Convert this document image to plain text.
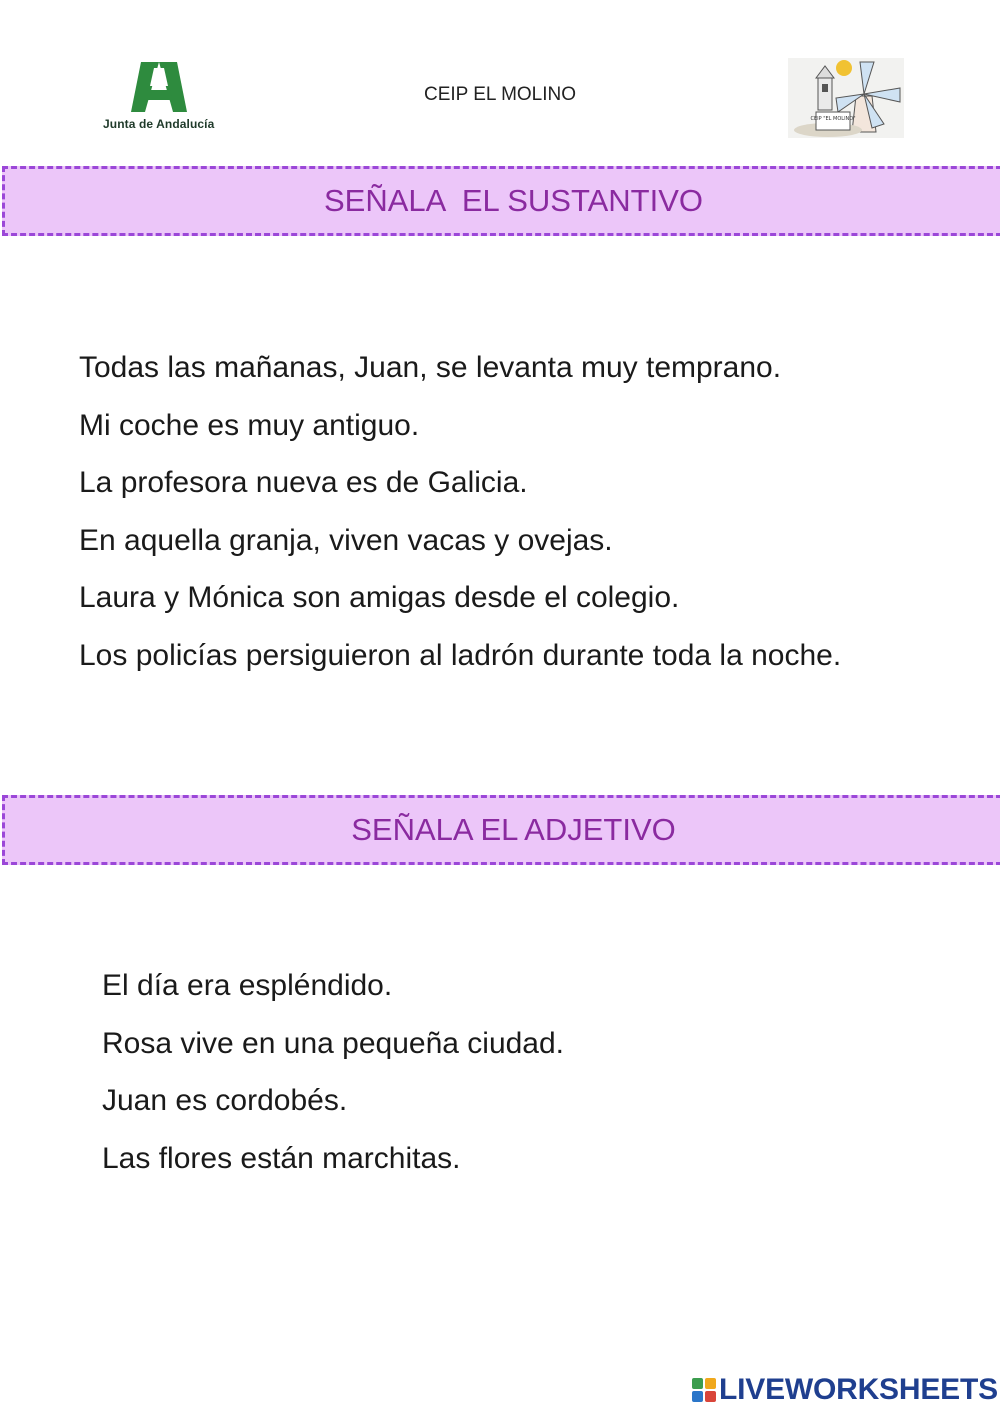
Junta de Andalucía
CEIP EL MOLINO
CEIP "EL MOLINO"
SEÑALA  EL SUSTANTIVO
Todas las mañanas, Juan, se levanta muy temprano.
Mi coche es muy antiguo.
La profesora nueva es de Galicia.
En aquella granja, viven vacas y ovejas.
Laura y Mónica son amigas desde el colegio.
Los policías persiguieron al ladrón durante toda la noche.
SEÑALA EL ADJETIVO
El día era espléndido.
Rosa vive en una pequeña ciudad.
Juan es cordobés.
Las flores están marchitas.
LIVEWORKSHEETS
